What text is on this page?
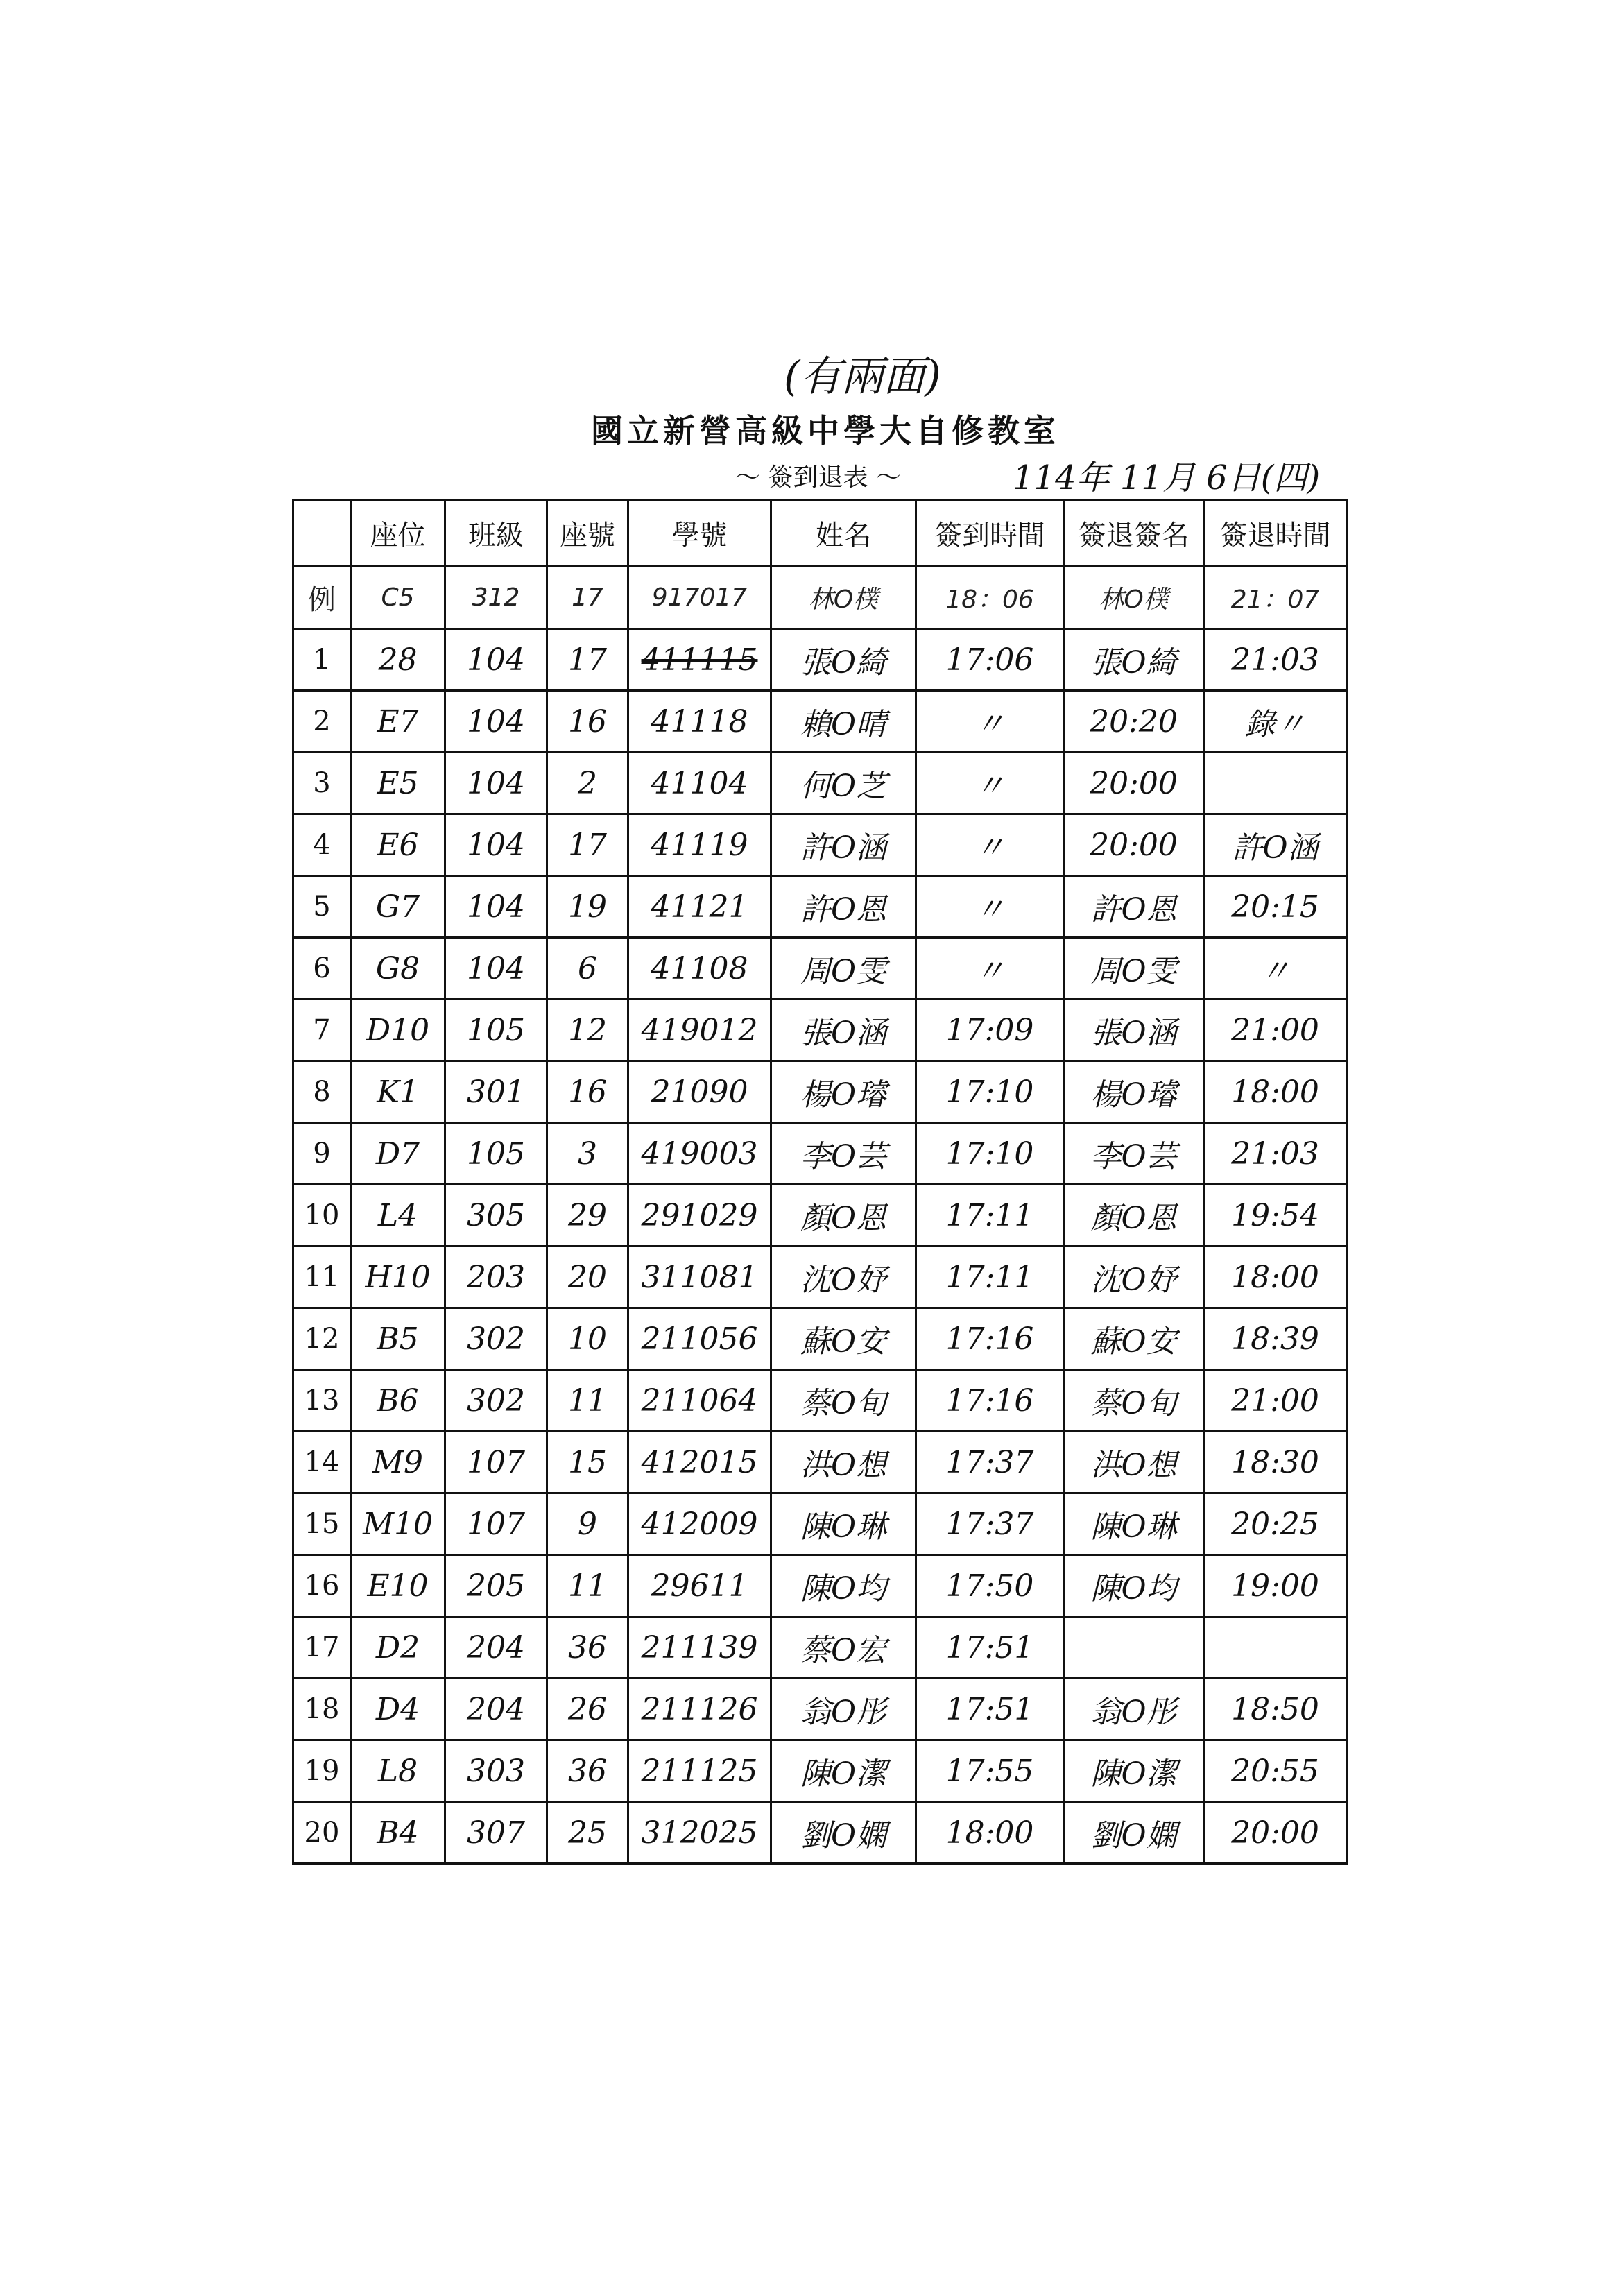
(有兩面)
國立新營高級中學大自修教室
～ 簽到退表 ～	114年 11月 6日(四)
	座位	班級	座號	學號	姓名	簽到時間	簽退簽名	簽退時間
例	C5	312	17	917017	林O樸	18：06	林O樸	21：07
1	28	104	17	411115	張O綺	17:06	張O綺	21:03
2	E7	104	16	41118	賴O晴	〃	20:20	錄〃
3	E5	104	2	41104	何O芝	〃	20:00	
4	E6	104	17	41119	許O涵	〃	20:00	許O涵
5	G7	104	19	41121	許O恩	〃	許O恩	20:15
6	G8	104	6	41108	周O雯	〃	周O雯	〃
7	D10	105	12	419012	張O涵	17:09	張O涵	21:00
8	K1	301	16	21090	楊O璿	17:10	楊O璿	18:00
9	D7	105	3	419003	李O芸	17:10	李O芸	21:03
10	L4	305	29	291029	顏O恩	17:11	顏O恩	19:54
11	H10	203	20	311081	沈O妤	17:11	沈O妤	18:00
12	B5	302	10	211056	蘇O安	17:16	蘇O安	18:39
13	B6	302	11	211064	蔡O旬	17:16	蔡O旬	21:00
14	M9	107	15	412015	洪O想	17:37	洪O想	18:30
15	M10	107	9	412009	陳O琳	17:37	陳O琳	20:25
16	E10	205	11	29611	陳O均	17:50	陳O均	19:00
17	D2	204	36	211139	蔡O宏	17:51		
18	D4	204	26	211126	翁O彤	17:51	翁O彤	18:50
19	L8	303	36	211125	陳O潔	17:55	陳O潔	20:55
20	B4	307	25	312025	劉O嫻	18:00	劉O嫻	20:00
